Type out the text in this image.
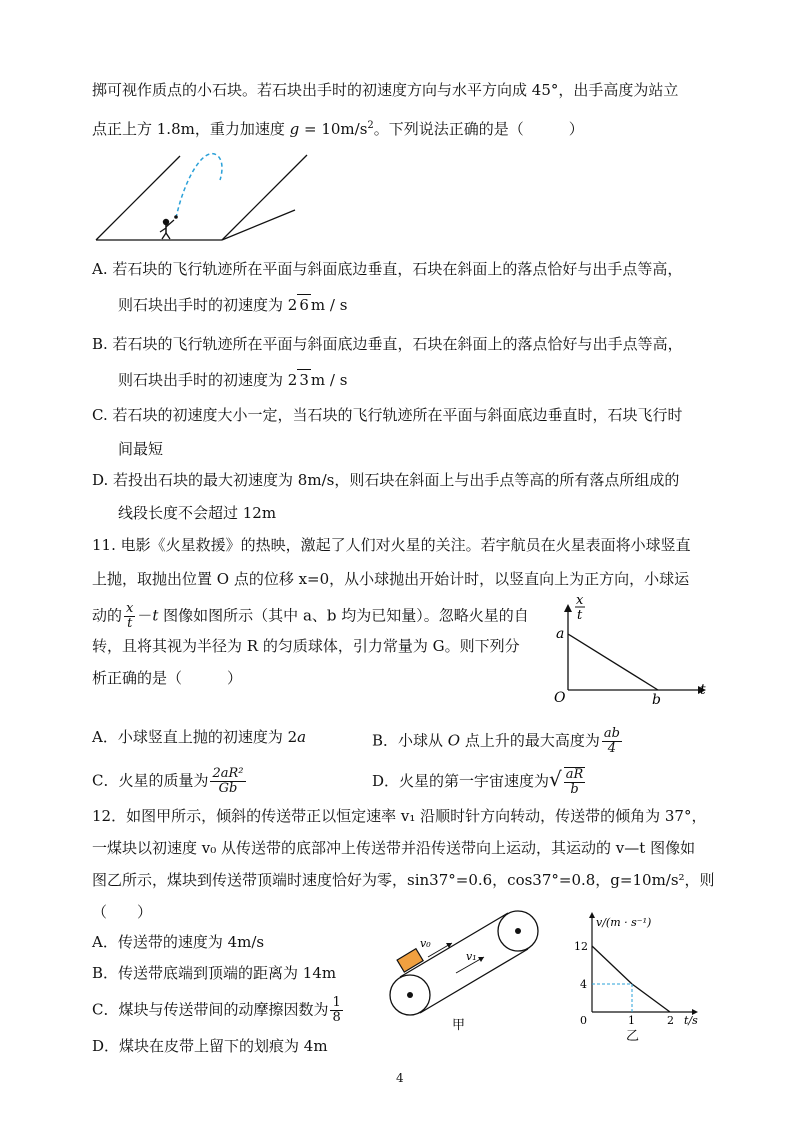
掷可视作质点的小石块。若石块出手时的初速度方向与水平方向成 45°，出手高度为站立
点正上方 1.8m，重力加速度 $g = 10m/s^2$。下列说法正确的是（　　　）
A. 若石块的飞行轨迹所在平面与斜面底边垂直，石块在斜面上的落点恰好与出手点等高，
则石块出手时的初速度为 2 6 m / s
B. 若石块的飞行轨迹所在平面与斜面底边垂直，石块在斜面上的落点恰好与出手点等高，
则石块出手时的初速度为 2 3 m / s
C. 若石块的初速度大小一定，当石块的飞行轨迹所在平面与斜面底边垂直时，石块飞行时
间最短
D. 若投出石块的最大初速度为 8m/s，则石块在斜面上与出手点等高的所有落点所组成的
线段长度不会超过 12m
11. 电影《火星救援》的热映，激起了人们对火星的关注。若宇航员在火星表面将小球竖直
上抛，取抛出位置 O 点的位移 x=0，从小球抛出开始计时，以竖直向上为正方向，小球运
动的 $\frac{x}{t} -t$ 图像如图所示（其中 a、b 均为已知量）。忽略火星的自
转，且将其视为半径为 R 的匀质球体，引力常量为 G。则下列分
析正确的是（　　　）
x
t
a
O	b
t
A．小球竖直上抛的初速度为 2a	B．小球从 O 点上升的最大高度为 $\frac{ab}{4}$
C．火星的质量为 $\frac{\text{2aR²}}{Gb}$	D．火星的第一宇宙速度为√ $\frac{aR}{b}$
12．如图甲所示，倾斜的传送带正以恒定速率 v₁ 沿顺时针方向转动，传送带的倾角为 37°，
一煤块以初速度 v₀ 从传送带的底部冲上传送带并沿传送带向上运动，其运动的 v—t 图像如
图乙所示，煤块到传送带顶端时速度恰好为零，sin37°=0.6，cos37°=0.8，g=10m/s²，则
（　　）
A．传送带的速度为 4m/s
B．传送带底端到顶端的距离为 14m
C．煤块与传送带间的动摩擦因数为 $\frac{1}{8}$
D．煤块在皮带上留下的划痕为 4m
v₀
v₁
甲
v/(m · s⁻¹)
12
4
0	1	2 t/s
乙
4
